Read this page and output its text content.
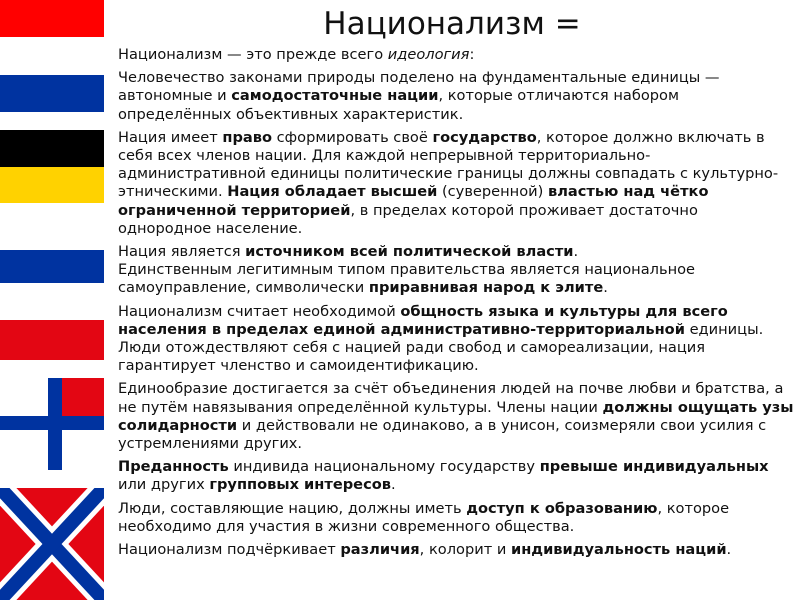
Национализм =

Национализм — это прежде всего идеология:

Человечество законами природы поделено на фундаментальные единицы — автономные и самодостаточные нации, которые отличаются набором определённых объективных характеристик.

Нация имеет право сформировать своё государство, которое должно включать в себя всех членов нации. Для каждой непрерывной территориально-административной единицы политические границы должны совпадать с культурно-этническими. Нация обладает высшей (суверенной) властью над чётко ограниченной территорией, в пределах которой проживает достаточно однородное население.

Нация является источником всей политической власти.

Единственным легитимным типом правительства является национальное самоуправление, символически приравнивая народ к элите.

Национализм считает необходимой общность языка и культуры для всего населения в пределах единой административно-территориальной единицы. Люди отождествляют себя с нацией ради свобод и самореализации, нация гарантирует членство и самоидентификацию.

Единообразие достигается за счёт объединения людей на почве любви и братства, а не путём навязывания определённой культуры. Члены нации должны ощущать узы солидарности и действовали не одинаково, а в унисон, соизмеряли свои усилия с устремлениями других.

Преданность индивида национальному государству превыше индивидуальных или других групповых интересов.

Люди, составляющие нацию, должны иметь доступ к образованию, которое необходимо для участия в жизни современного общества.

Национализм подчёркивает различия, колорит и индивидуальность наций.
